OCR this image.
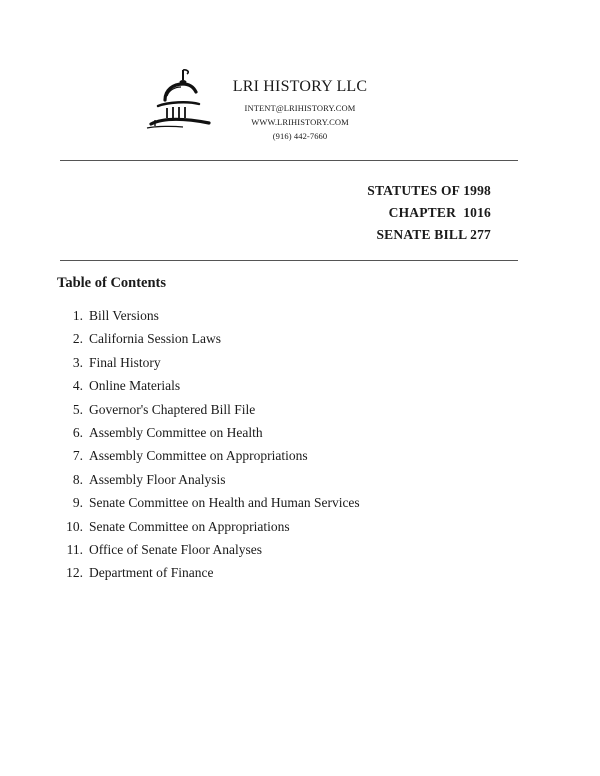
LRI HISTORY LLC
INTENT@LRIHISTORY.COM
WWW.LRIHISTORY.COM
(916) 442-7660
STATUTES OF 1998
CHAPTER  1016
SENATE BILL 277
Table of Contents
1. Bill Versions
2. California Session Laws
3. Final History
4. Online Materials
5. Governor's Chaptered Bill File
6. Assembly Committee on Health
7. Assembly Committee on Appropriations
8. Assembly Floor Analysis
9. Senate Committee on Health and Human Services
10. Senate Committee on Appropriations
11. Office of Senate Floor Analyses
12. Department of Finance
